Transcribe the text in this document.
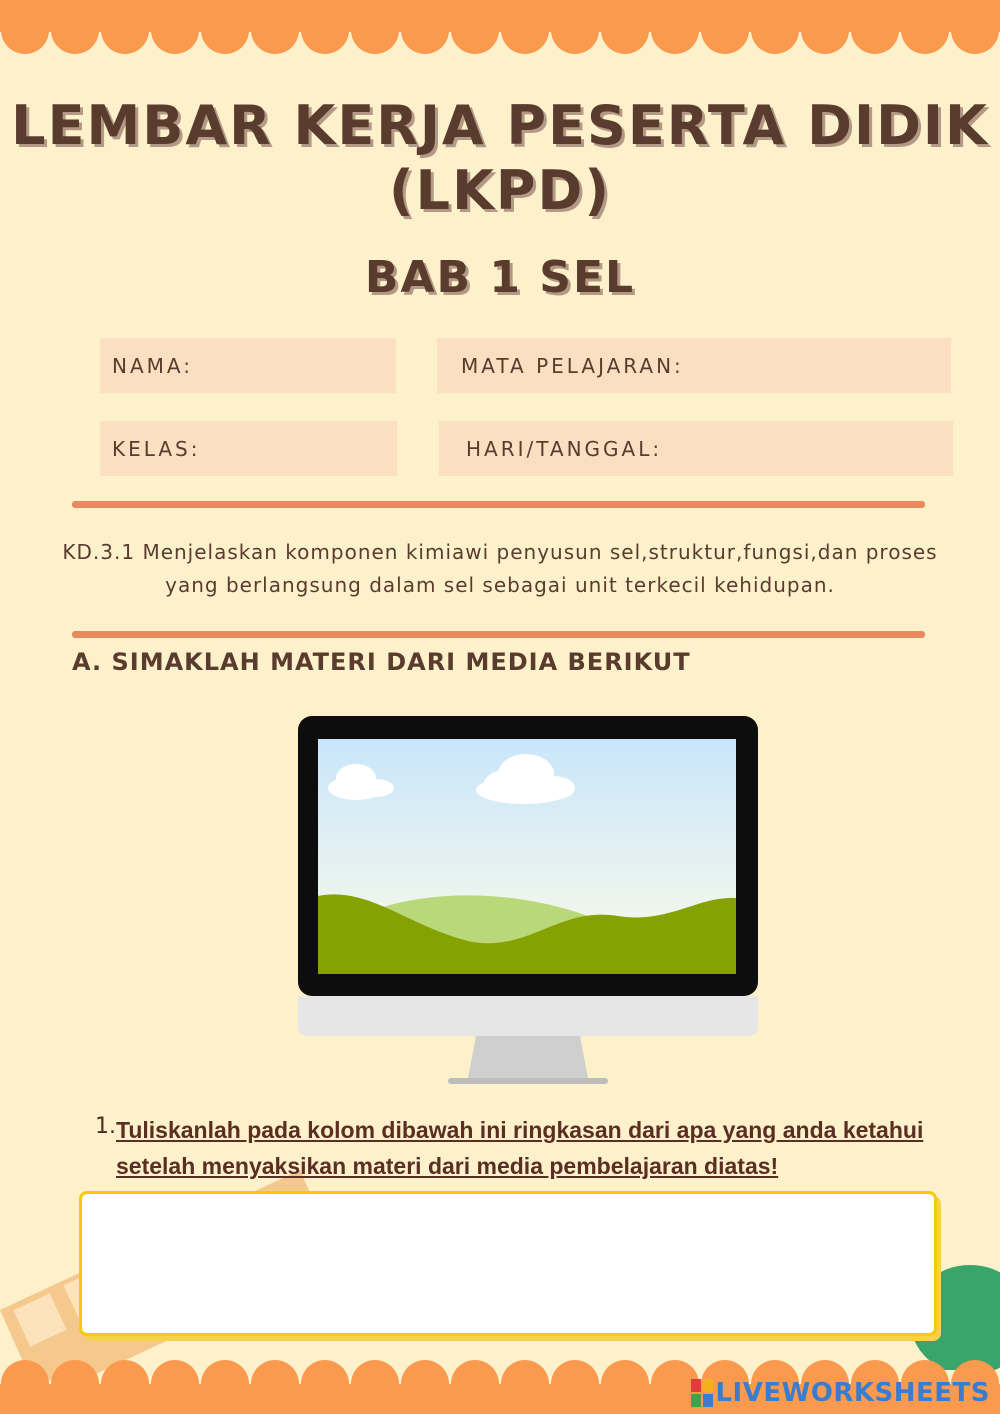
LEMBAR KERJA PESERTA DIDIK
(LKPD)
BAB 1 SEL
NAMA:	MATA PELAJARAN:
KELAS:	HARI/TANGGAL:
KD.3.1 Menjelaskan komponen kimiawi penyusun sel,struktur,fungsi,dan proses yang berlangsung dalam sel sebagai unit terkecil kehidupan.
A. SIMAKLAH MATERI DARI MEDIA BERIKUT
1. Tuliskanlah pada kolom dibawah ini ringkasan dari apa yang anda ketahui setelah menyaksikan materi dari media pembelajaran diatas!
LIVEWORKSHEETS
